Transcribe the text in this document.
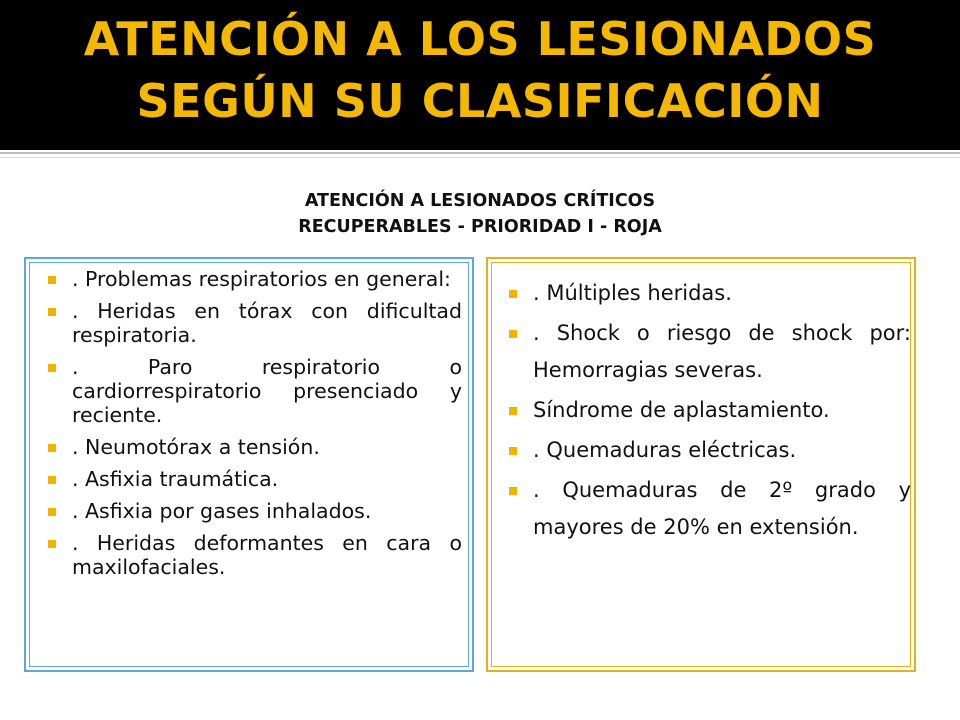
ATENCIÓN A LOS LESIONADOS
SEGÚN SU CLASIFICACIÓN
ATENCIÓN A LESIONADOS CRÍTICOS
RECUPERABLES - PRIORIDAD I - ROJA
. Problemas respiratorios en general:
. Heridas en tórax con dificultad respiratoria.
. Paro respiratorio o cardiorrespiratorio presenciado y reciente.
. Neumotórax a tensión.
. Asfixia traumática.
. Asfixia por gases inhalados.
. Heridas deformantes en cara o maxilofaciales.
. Múltiples heridas.
. Shock o riesgo de shock por: Hemorragias severas.
Síndrome de aplastamiento.
. Quemaduras eléctricas.
. Quemaduras de 2º grado y mayores de 20% en extensión.
